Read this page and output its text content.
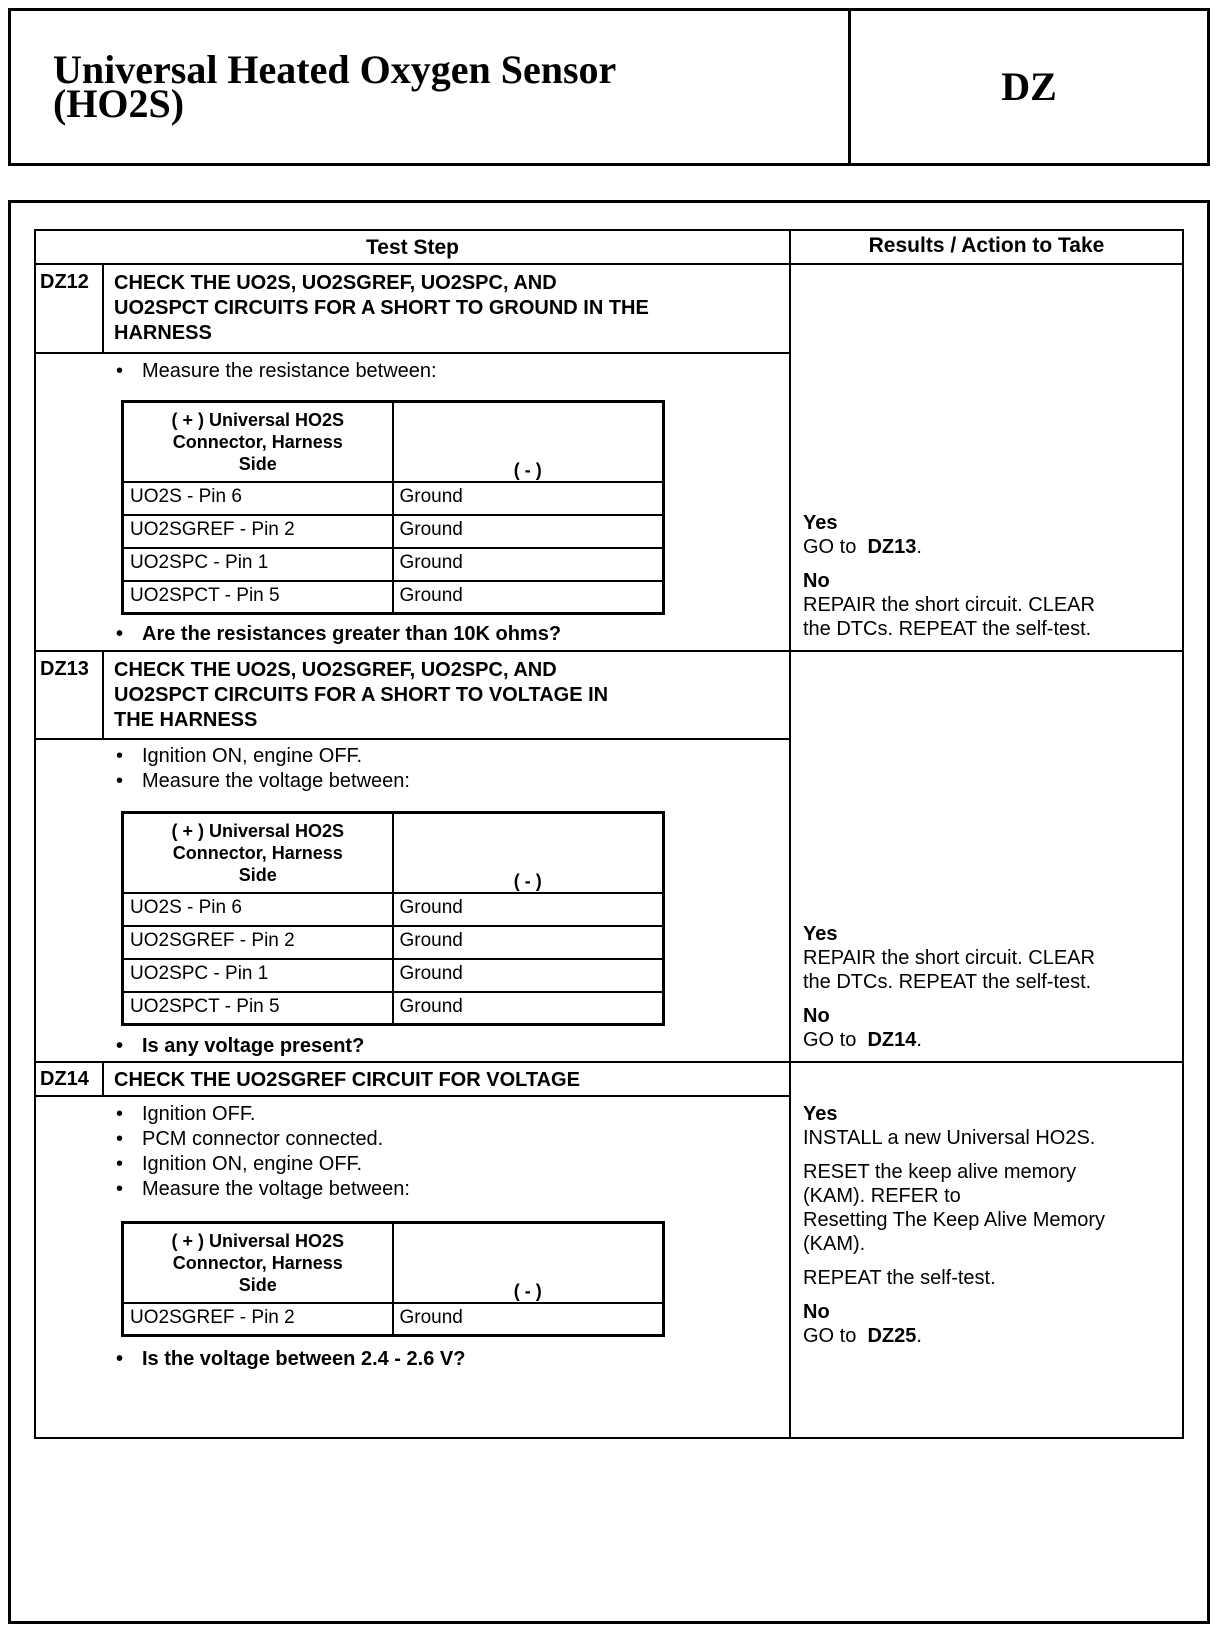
Universal Heated Oxygen Sensor
(HO2S)	DZ
Test Step	Results / Action to Take
DZ12 CHECK THE UO2S, UO2SGREF, UO2SPC, AND
UO2SPCT CIRCUITS FOR A SHORT TO GROUND IN THE
HARNESS
• Measure the resistance between:
( + ) Universal HO2S
Connector, Harness
Side	( - )
UO2S - Pin 6	Ground
UO2SGREF - Pin 2	Ground
UO2SPC - Pin 1	Ground
UO2SPCT - Pin 5	Ground
• Are the resistances greater than 10K ohms?
Yes
GO to DZ13.
No
REPAIR the short circuit. CLEAR
the DTCs. REPEAT the self-test.
DZ13 CHECK THE UO2S, UO2SGREF, UO2SPC, AND
UO2SPCT CIRCUITS FOR A SHORT TO VOLTAGE IN
THE HARNESS
• Ignition ON, engine OFF.
• Measure the voltage between:
( + ) Universal HO2S
Connector, Harness
Side	( - )
UO2S - Pin 6	Ground
UO2SGREF - Pin 2	Ground
UO2SPC - Pin 1	Ground
UO2SPCT - Pin 5	Ground
• Is any voltage present?
Yes
REPAIR the short circuit. CLEAR
the DTCs. REPEAT the self-test.
No
GO to DZ14.
DZ14 CHECK THE UO2SGREF CIRCUIT FOR VOLTAGE
• Ignition OFF.
• PCM connector connected.
• Ignition ON, engine OFF.
• Measure the voltage between:
( + ) Universal HO2S
Connector, Harness
Side	( - )
UO2SGREF - Pin 2	Ground
• Is the voltage between 2.4 - 2.6 V?
Yes
INSTALL a new Universal HO2S.
RESET the keep alive memory
(KAM). REFER to
Resetting The Keep Alive Memory
(KAM).
REPEAT the self-test.
No
GO to DZ25.
